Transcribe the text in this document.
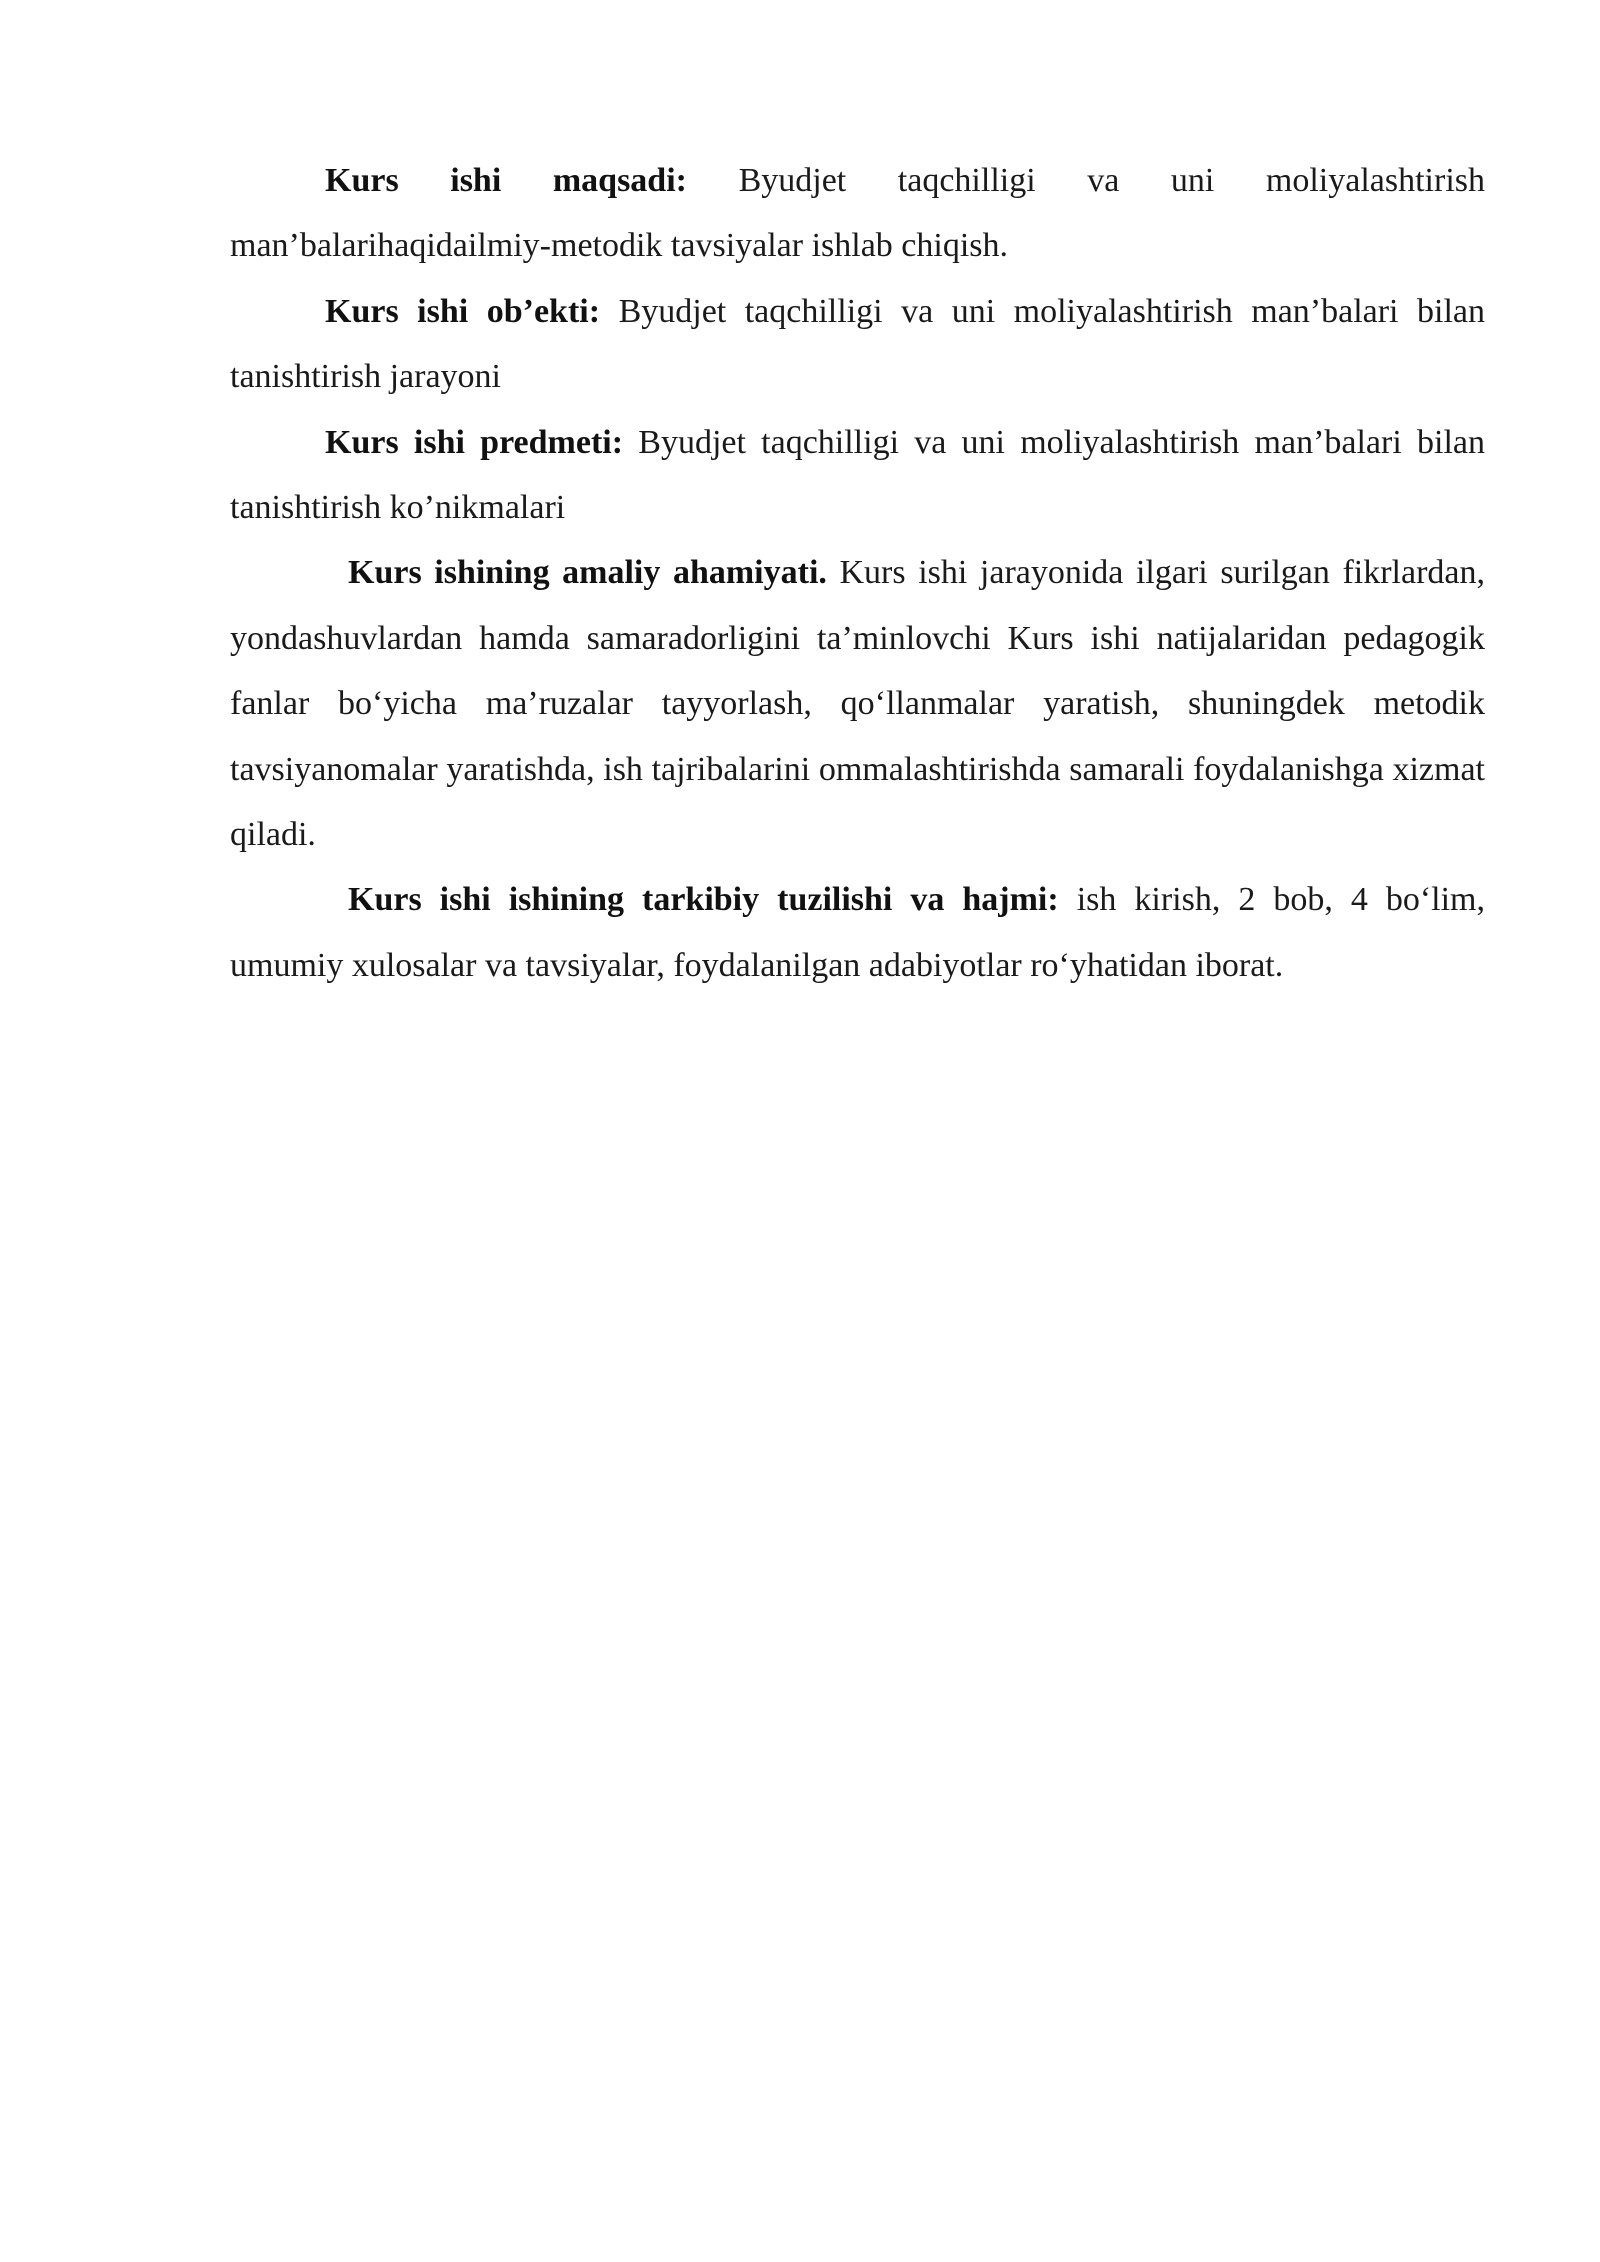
Kurs ishi maqsadi: Byudjet taqchilligi va uni moliyalashtirish man’balarihaqidailmiy-metodik tavsiyalar ishlab chiqish.

Kurs ishi ob’ekti: Byudjet taqchilligi va uni moliyalashtirish man’balari bilan tanishtirish jarayoni

Kurs ishi predmeti: Byudjet taqchilligi va uni moliyalashtirish man’balari bilan tanishtirish ko’nikmalari

Kurs ishining amaliy ahamiyati. Kurs ishi jarayonida ilgari surilgan fikrlardan, yondashuvlardan hamda samaradorligini ta’minlovchi Kurs ishi natijalaridan pedagogik fanlar bo‘yicha ma’ruzalar tayyorlash, qo‘llanmalar yaratish, shuningdek metodik tavsiyanomalar yaratishda, ish tajribalarini ommalashtirishda samarali foydalanishga xizmat qiladi.

Kurs ishi ishining tarkibiy tuzilishi va hajmi: ish kirish, 2 bob, 4 bo‘lim, umumiy xulosalar va tavsiyalar, foydalanilgan adabiyotlar ro‘yhatidan iborat.
